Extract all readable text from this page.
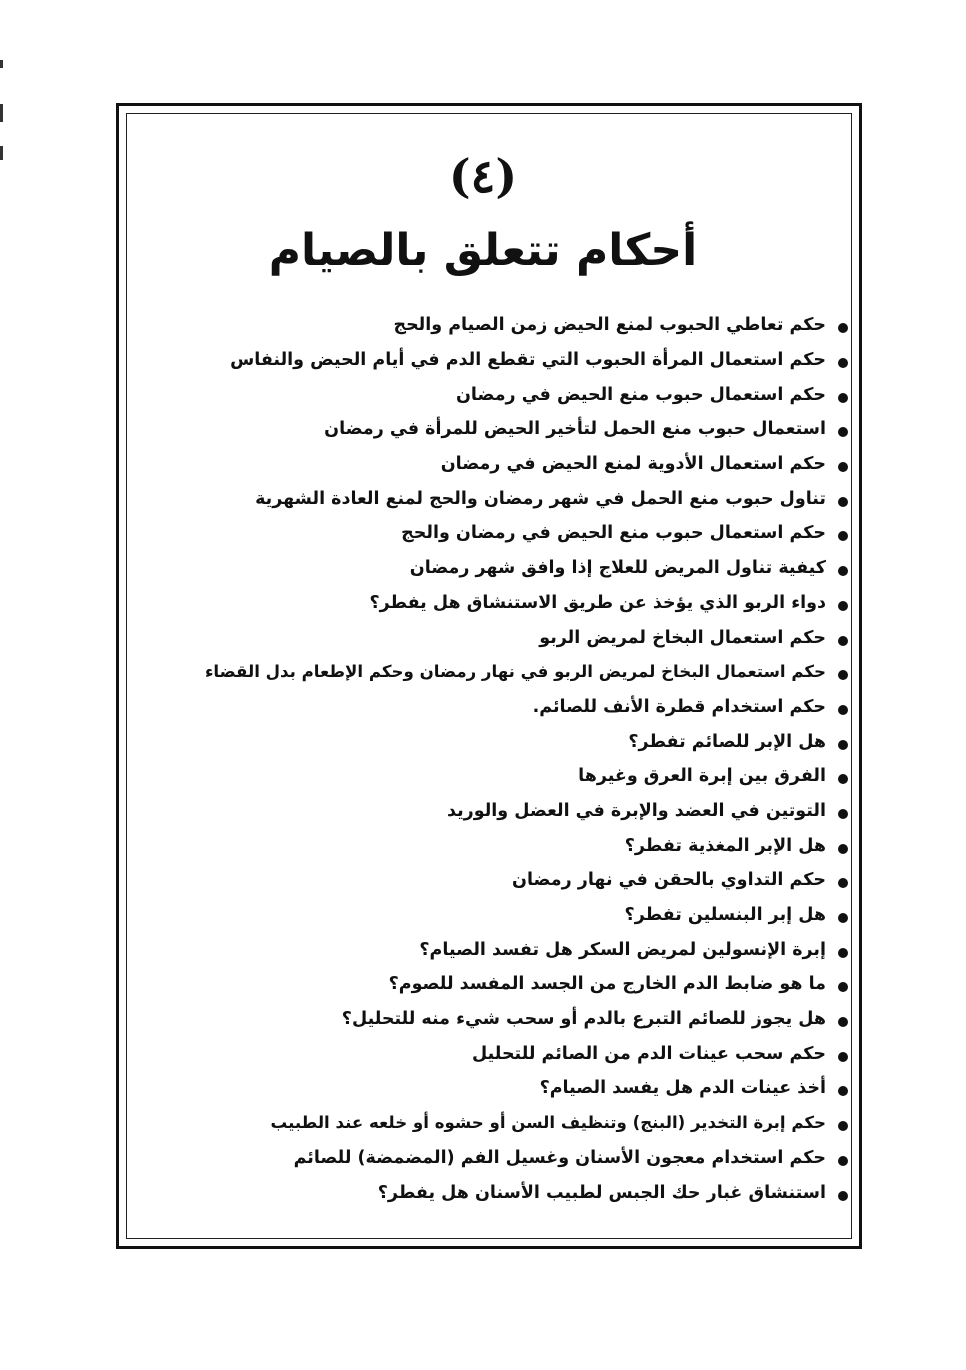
(٤)
أحكام تتعلق بالصيام
حكم تعاطي الحبوب لمنع الحيض زمن الصيام والحج
حكم استعمال المرأة الحبوب التي تقطع الدم في أيام الحيض والنفاس
حكم استعمال حبوب منع الحيض في رمضان
استعمال حبوب منع الحمل لتأخير الحيض للمرأة في رمضان
حكم استعمال الأدوية لمنع الحيض في رمضان
تناول حبوب منع الحمل في شهر رمضان والحج لمنع العادة الشهرية
حكم استعمال حبوب منع الحيض في رمضان والحج
كيفية تناول المريض للعلاج إذا وافق شهر رمضان
دواء الربو الذي يؤخذ عن طريق الاستنشاق هل يفطر؟
حكم استعمال البخاخ لمريض الربو
حكم استعمال البخاخ لمريض الربو في نهار رمضان وحكم الإطعام بدل القضاء
حكم استخدام قطرة الأنف للصائم.
هل الإبر للصائم تفطر؟
الفرق بين إبرة العرق وغيرها
التوتين في العضد والإبرة في العضل والوريد
هل الإبر المغذية تفطر؟
حكم التداوي بالحقن في نهار رمضان
هل إبر البنسلين تفطر؟
إبرة الإنسولين لمريض السكر هل تفسد الصيام؟
ما هو ضابط الدم الخارج من الجسد المفسد للصوم؟
هل يجوز للصائم التبرع بالدم أو سحب شيء منه للتحليل؟
حكم سحب عينات الدم من الصائم للتحليل
أخذ عينات الدم هل يفسد الصيام؟
حكم إبرة التخدير (البنج) وتنظيف السن أو حشوه أو خلعه عند الطبيب
حكم استخدام معجون الأسنان وغسيل الفم (المضمضة) للصائم
استنشاق غبار حك الجبس لطبيب الأسنان هل يفطر؟
